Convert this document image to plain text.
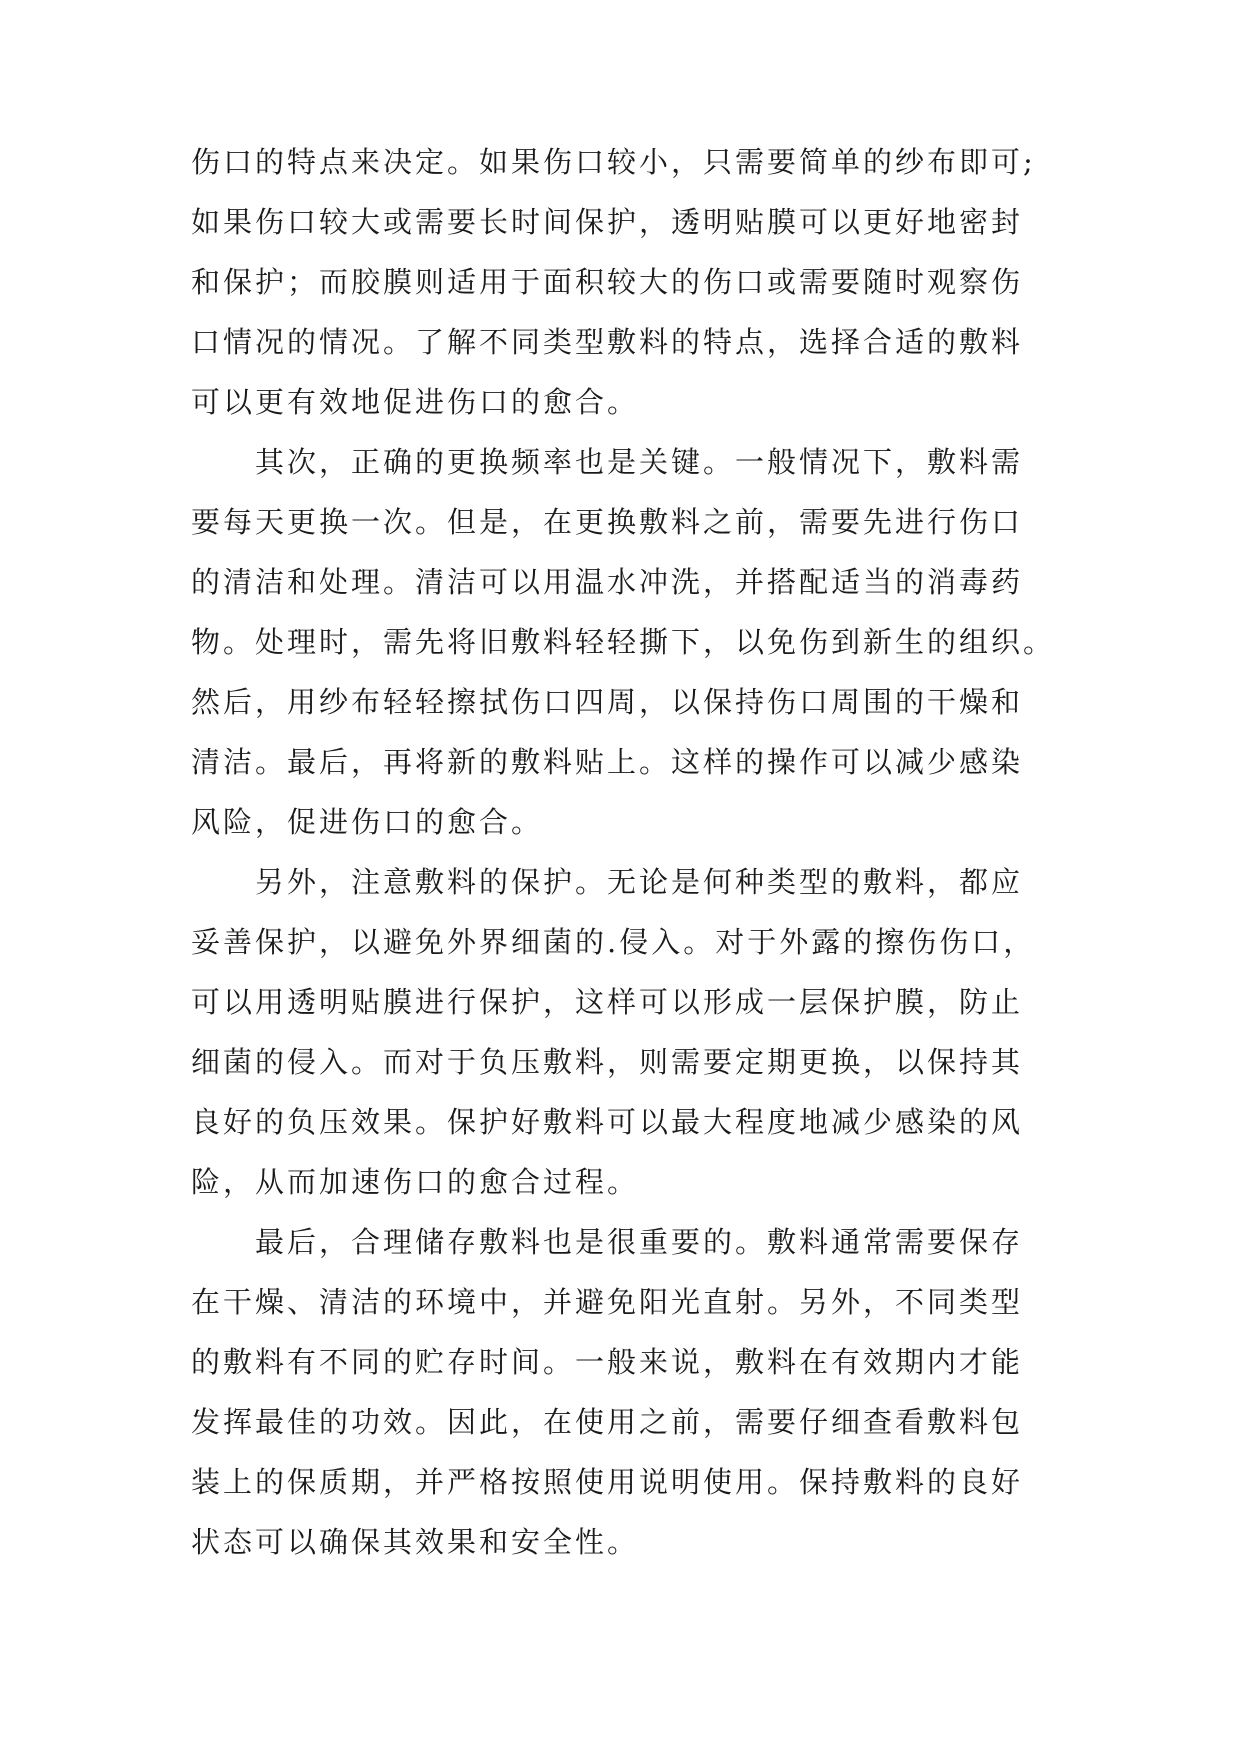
伤口的特点来决定。如果伤口较小，只需要简单的纱布即可;
如果伤口较大或需要长时间保护，透明贴膜可以更好地密封
和保护；而胶膜则适用于面积较大的伤口或需要随时观察伤
口情况的情况。了解不同类型敷料的特点，选择合适的敷料
可以更有效地促进伤口的愈合。
其次，正确的更换频率也是关键。一般情况下，敷料需
要每天更换一次。但是，在更换敷料之前，需要先进行伤口
的清洁和处理。清洁可以用温水冲洗，并搭配适当的消毒药
物。处理时，需先将旧敷料轻轻撕下，以免伤到新生的组织。
然后，用纱布轻轻擦拭伤口四周，以保持伤口周围的干燥和
清洁。最后，再将新的敷料贴上。这样的操作可以减少感染
风险，促进伤口的愈合。
另外，注意敷料的保护。无论是何种类型的敷料，都应
妥善保护，以避免外界细菌的.侵入。对于外露的擦伤伤口，
可以用透明贴膜进行保护，这样可以形成一层保护膜，防止
细菌的侵入。而对于负压敷料，则需要定期更换，以保持其
良好的负压效果。保护好敷料可以最大程度地减少感染的风
险，从而加速伤口的愈合过程。
最后，合理储存敷料也是很重要的。敷料通常需要保存
在干燥、清洁的环境中，并避免阳光直射。另外，不同类型
的敷料有不同的贮存时间。一般来说，敷料在有效期内才能
发挥最佳的功效。因此，在使用之前，需要仔细查看敷料包
装上的保质期，并严格按照使用说明使用。保持敷料的良好
状态可以确保其效果和安全性。
